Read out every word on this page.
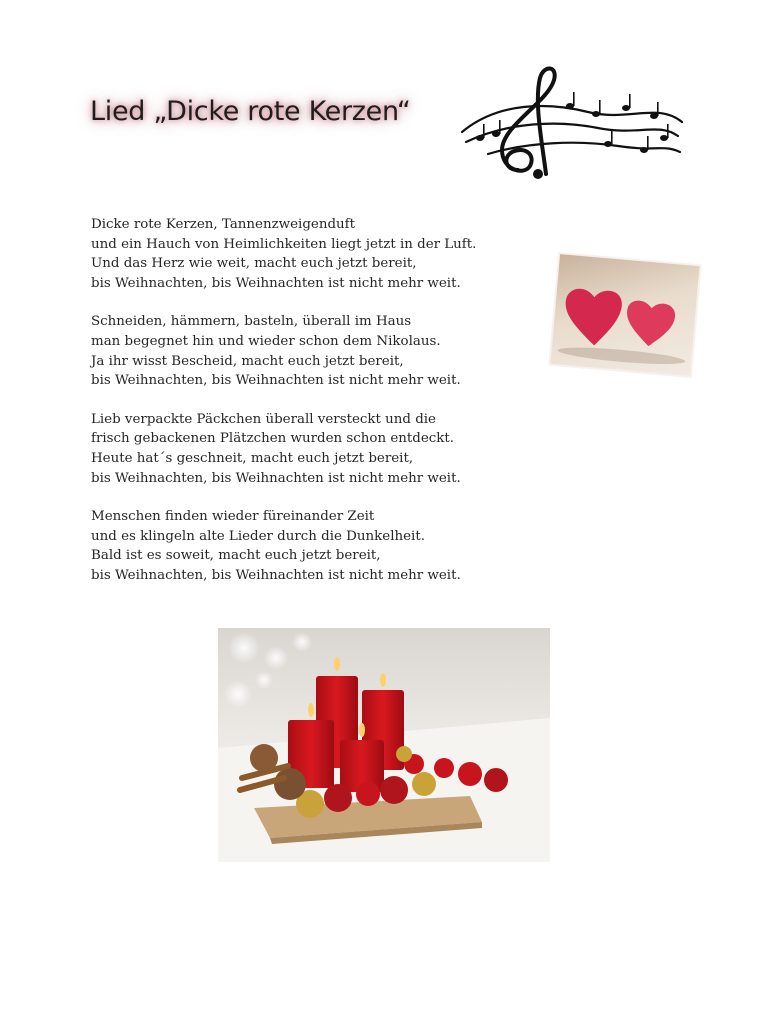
Lied „Dicke rote Kerzen“
Dicke rote Kerzen, Tannenzweigenduft
und ein Hauch von Heimlichkeiten liegt jetzt in der Luft.
Und das Herz wie weit, macht euch jetzt bereit,
bis Weihnachten, bis Weihnachten ist nicht mehr weit.
Schneiden, hämmern, basteln, überall im Haus
man begegnet hin und wieder schon dem Nikolaus.
Ja ihr wisst Bescheid, macht euch jetzt bereit,
bis Weihnachten, bis Weihnachten ist nicht mehr weit.
Lieb verpackte Päckchen überall versteckt und die
frisch gebackenen Plätzchen wurden schon entdeckt.
Heute hat´s geschneit, macht euch jetzt bereit,
bis Weihnachten, bis Weihnachten ist nicht mehr weit.
Menschen finden wieder füreinander Zeit
und es klingeln alte Lieder durch die Dunkelheit.
Bald ist es soweit, macht euch jetzt bereit,
bis Weihnachten, bis Weihnachten ist nicht mehr weit.
